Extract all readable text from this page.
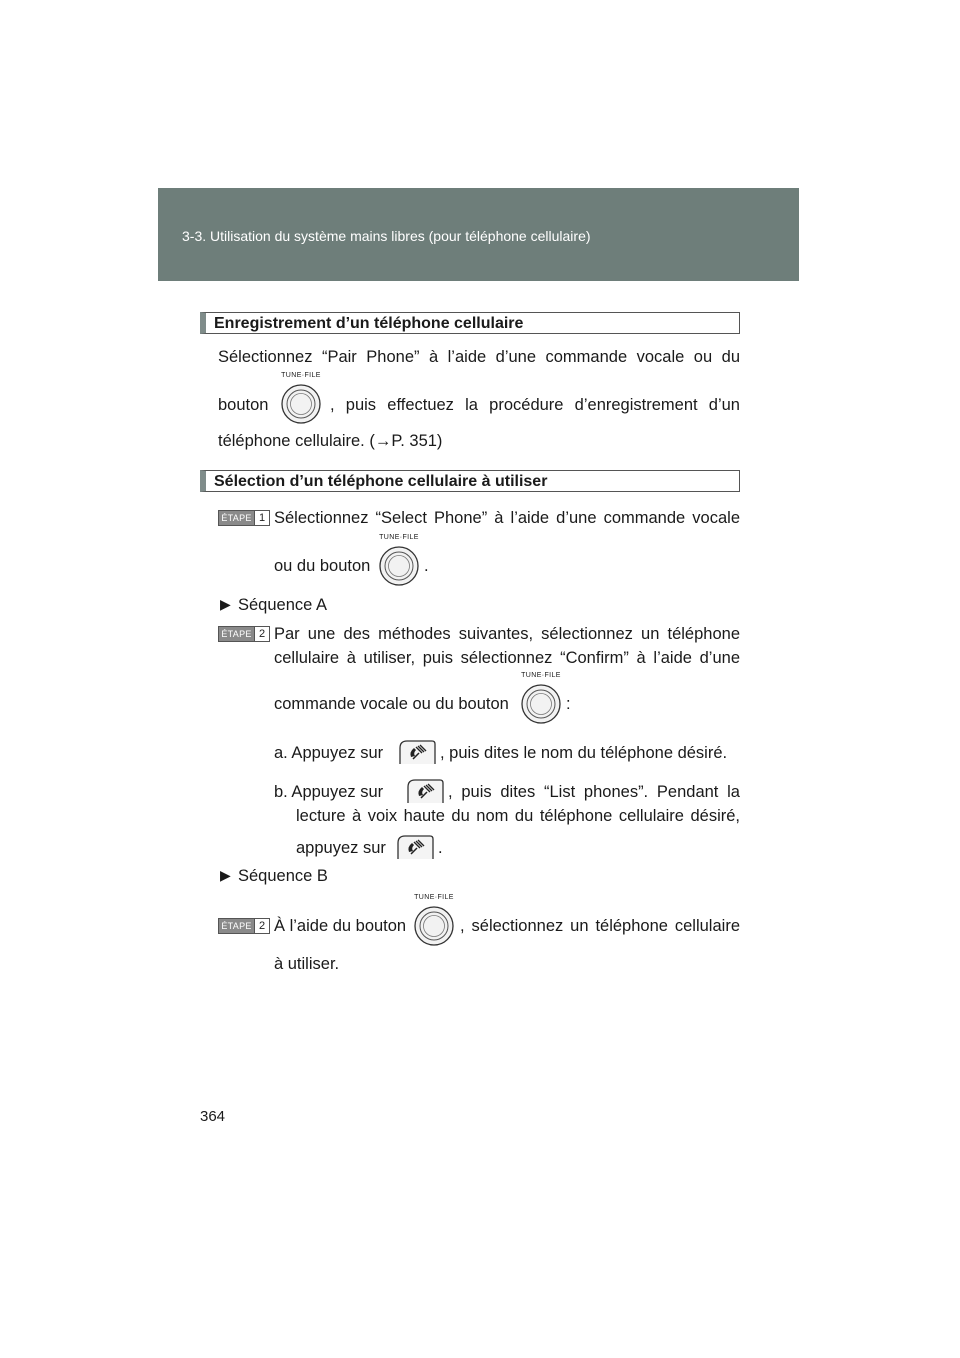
3-3. Utilisation du système mains libres (pour téléphone cellulaire)
Enregistrement d’un téléphone cellulaire
Sélectionnez “Pair Phone” à l’aide d’une commande vocale ou du
bouton
TUNE·FILE
, puis effectuez la procédure d’enregistrement d’un
téléphone cellulaire. (→P. 351)
Sélection d’un téléphone cellulaire à utiliser
ÉTAPE 1 Sélectionnez “Select Phone” à l’aide d’une commande vocale
ou du bouton
TUNE·FILE
.
▶ Séquence A
ÉTAPE 2 Par une des méthodes suivantes, sélectionnez un téléphone
cellulaire à utiliser, puis sélectionnez “Confirm” à l’aide d’une
commande vocale ou du bouton
TUNE·FILE
:
a. Appuyez sur	, puis dites le nom du téléphone désiré.
b. Appuyez sur	, puis dites “List phones”. Pendant la
lecture à voix haute du nom du téléphone cellulaire désiré,
appuyez sur	.
▶ Séquence B
ÉTAPE 2 À l’aide du bouton
TUNE·FILE
, sélectionnez un téléphone cellulaire
à utiliser.
364
